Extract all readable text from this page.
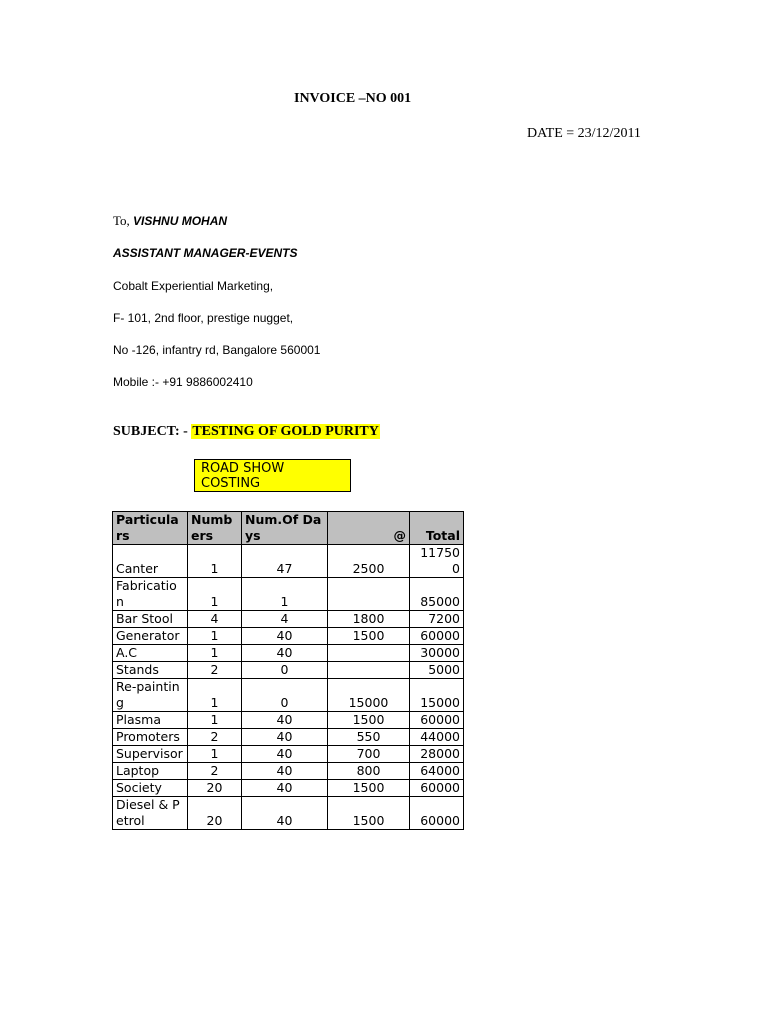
INVOICE –NO 001
DATE = 23/12/2011
To, VISHNU MOHAN
ASSISTANT MANAGER-EVENTS
Cobalt Experiential Marketing,
F- 101, 2nd floor, prestige nugget,
No -126, infantry rd, Bangalore 560001
Mobile :- +91 9886002410
SUBJECT: - TESTING OF GOLD PURITY
ROAD SHOW COSTING
Particulars	Numbers	Num.Of Days	@	Total
Canter	1	47	2500	117500
Fabrication	1	1		85000
Bar Stool	4	4	1800	7200
Generator	1	40	1500	60000
A.C	1	40		30000
Stands	2	0		5000
Re-painting	1	0	15000	15000
Plasma	1	40	1500	60000
Promoters	2	40	550	44000
Supervisor	1	40	700	28000
Laptop	2	40	800	64000
Society	20	40	1500	60000
Diesel & Petrol	20	40	1500	60000
